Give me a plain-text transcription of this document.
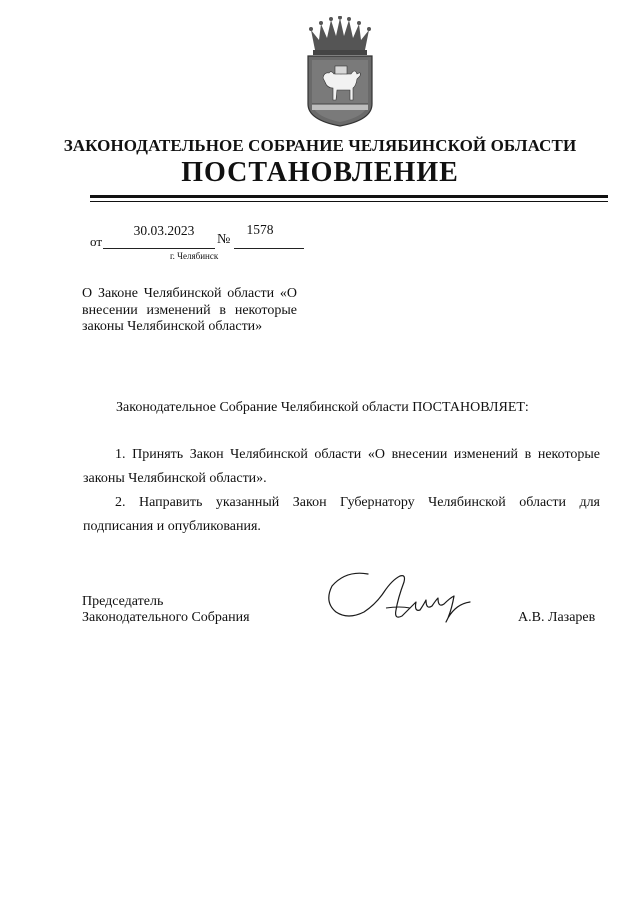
ЗАКОНОДАТЕЛЬНОЕ СОБРАНИЕ ЧЕЛЯБИНСКОЙ ОБЛАСТИ
ПОСТАНОВЛЕНИЕ
от
30.03.2023
№
1578
г. Челябинск
О Законе Челябинской области «О внесении изменений в некоторые законы Челябинской области»
Законодательное Собрание Челябинской области ПОСТАНОВЛЯЕТ:
1. Принять Закон Челябинской области «О внесении изменений в некоторые законы Челябинской области».
2. Направить указанный Закон Губернатору Челябинской области для подписания и опубликования.
Председатель
Законодательного Собрания	А.В. Лазарев
